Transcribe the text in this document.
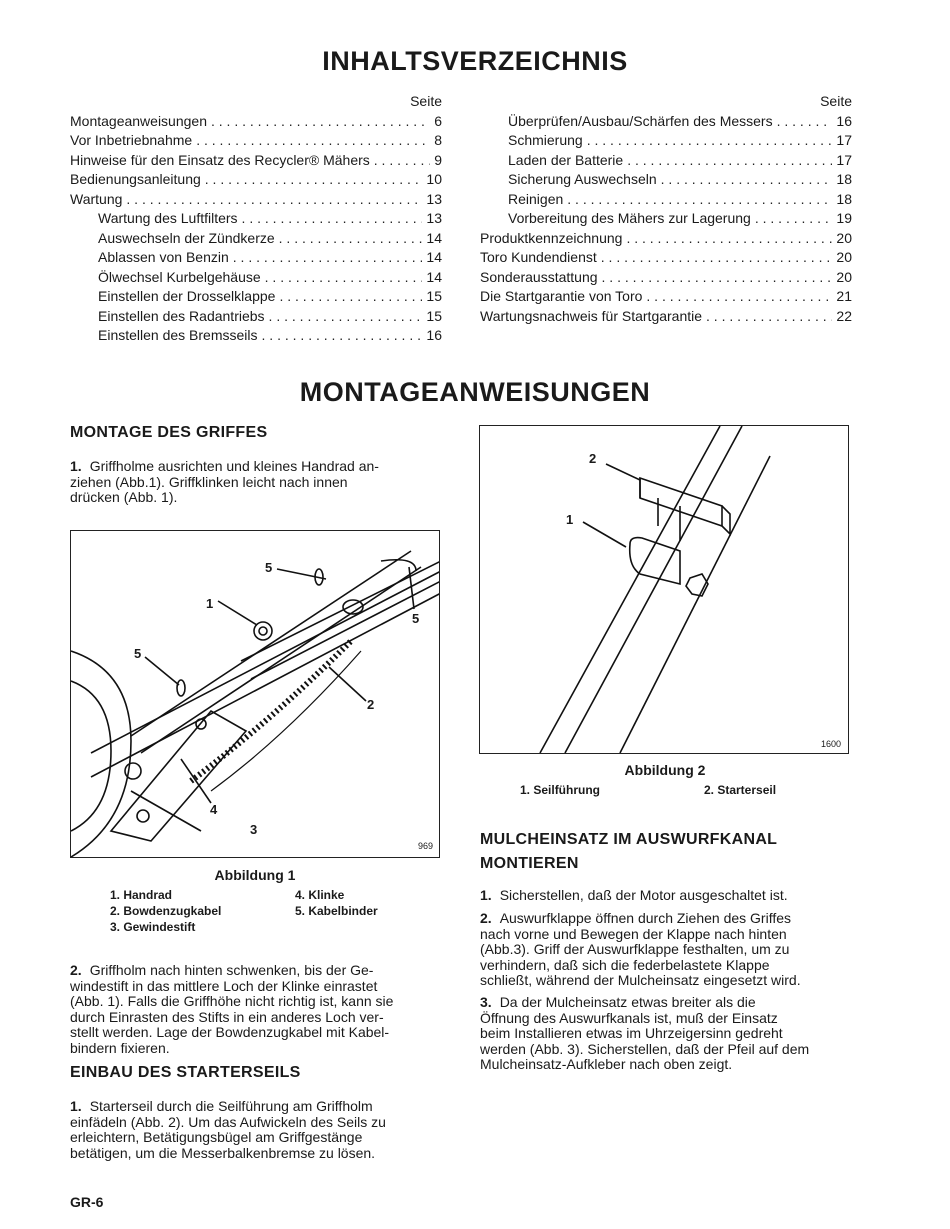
INHALTSVERZEICHNIS
Seite
Montageanweisungen . . .	6
Vor Inbetriebnahme . . .	8
Hinweise für den Einsatz des Recycler® Mähers . . .	9
Bedienungsanleitung . . .	10
Wartung . . .	13
Wartung des Luftfilters . . .	13
Auswechseln der Zündkerze . . .	14
Ablassen von Benzin . . .	14
Ölwechsel Kurbelgehäuse . . .	14
Einstellen der Drosselklappe . . .	15
Einstellen des Radantriebs . . .	15
Einstellen des Bremsseils . . .	16
Seite
Überprüfen/Ausbau/Schärfen des Messers . . .	16
Schmierung . . .	17
Laden der Batterie . . .	17
Sicherung Auswechseln . . .	18
Reinigen . . .	18
Vorbereitung des Mähers zur Lagerung . . .	19
Produktkennzeichnung . . .	20
Toro Kundendienst . . .	20
Sonderausstattung . . .	20
Die Startgarantie von Toro . . .	21
Wartungsnachweis für Startgarantie . . .	22
MONTAGEANWEISUNGEN
MONTAGE DES GRIFFES
1. Griffholme ausrichten und kleines Handrad an-
ziehen (Abb.1). Griffklinken leicht nach innen
drücken (Abb. 1).
5
1
5
5
2
4
3
969
Abbildung 1
1. Handrad
2. Bowdenzugkabel
3. Gewindestift
4. Klinke
5. Kabelbinder
2. Griffholm nach hinten schwenken, bis der Ge-
windestift in das mittlere Loch der Klinke einrastet
(Abb. 1). Falls die Griffhöhe nicht richtig ist, kann sie
durch Einrasten des Stifts in ein anderes Loch ver-
stellt werden. Lage der Bowdenzugkabel mit Kabel-
bindern fixieren.
EINBAU DES STARTERSEILS
1. Starterseil durch die Seilführung am Griffholm
einfädeln (Abb. 2). Um das Aufwickeln des Seils zu
erleichtern, Betätigungsbügel am Griffgestänge
betätigen, um die Messerbalkenbremse zu lösen.
2
1
1600
Abbildung 2
1. Seilführung	2. Starterseil
MULCHEINSATZ IM AUSWURFKANAL
MONTIEREN
1. Sicherstellen, daß der Motor ausgeschaltet ist.
2. Auswurfklappe öffnen durch Ziehen des Griffes
nach vorne und Bewegen der Klappe nach hinten
(Abb.3). Griff der Auswurfklappe festhalten, um zu
verhindern, daß sich die federbelastete Klappe
schließt, während der Mulcheinsatz eingesetzt wird.
3. Da der Mulcheinsatz etwas breiter als die
Öffnung des Auswurfkanals ist, muß der Einsatz
beim Installieren etwas im Uhrzeigersinn gedreht
werden (Abb. 3). Sicherstellen, daß der Pfeil auf dem
Mulcheinsatz-Aufkleber nach oben zeigt.
GR-6
